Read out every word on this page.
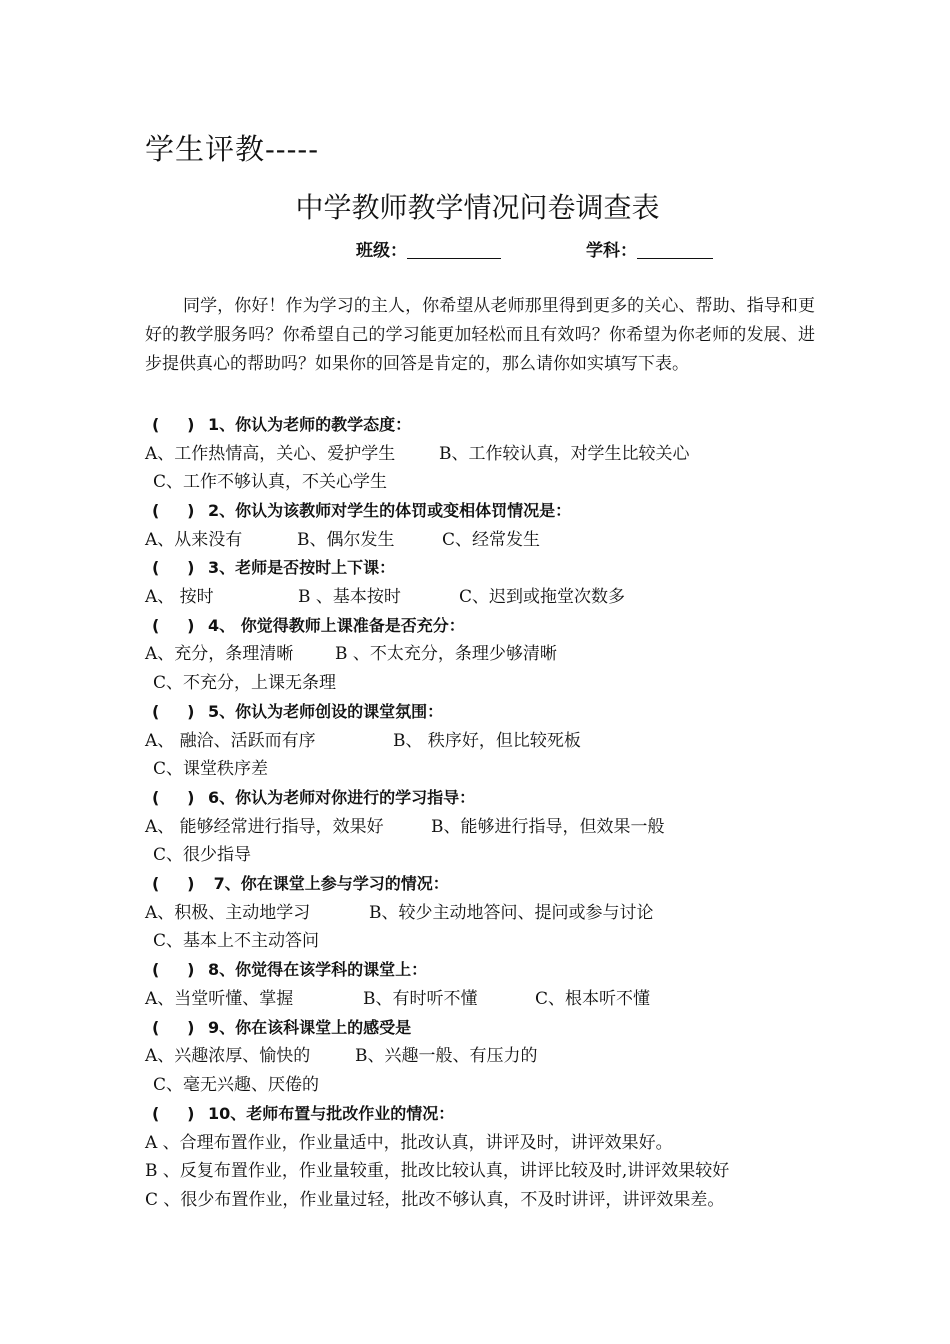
学生评教-----
中学教师教学情况问卷调查表
班级：	学科：
同学，你好！作为学习的主人，你希望从老师那里得到更多的关心、帮助、指导和更好的教学服务吗？你希望自己的学习能更加轻松而且有效吗？你希望为你老师的发展、进步提供真心的帮助吗？如果你的回答是肯定的，那么请你如实填写下表。
(     ) 1、你认为老师的教学态度：
A、工作热情高，关心、爱护学生	B、工作较认真，对学生比较关心
C、工作不够认真，不关心学生
(     ) 2、你认为该教师对学生的体罚或变相体罚情况是：
A、从来没有	B、偶尔发生	C、经常发生
(     ) 3、老师是否按时上下课：
A、 按时	B 、基本按时	C、迟到或拖堂次数多
(     ) 4、 你觉得教师上课准备是否充分：
A、充分，条理清晰 B 、不太充分，条理少够清晰
C、不充分，上课无条理
(     ) 5、你认为老师创设的课堂氛围：
A、 融洽、活跃而有序	B、 秩序好，但比较死板
C、课堂秩序差
(     ) 6、你认为老师对你进行的学习指导：
A、 能够经常进行指导，效果好	B、能够进行指导，但效果一般
C、很少指导
(     ) 7、你在课堂上参与学习的情况：
A、积极、主动地学习	B、较少主动地答问、提问或参与讨论
C、基本上不主动答问
(     ) 8、你觉得在该学科的课堂上：
A、当堂听懂、掌握	B、有时听不懂	C、根本听不懂
(     ) 9、你在该科课堂上的感受是
A、兴趣浓厚、愉快的	B、兴趣一般、有压力的
C、毫无兴趣、厌倦的
(     ) 10、老师布置与批改作业的情况：
A 、合理布置作业，作业量适中，批改认真，讲评及时，讲评效果好。
B 、反复布置作业，作业量较重，批改比较认真，讲评比较及时,讲评效果较好
C 、很少布置作业，作业量过轻，批改不够认真，不及时讲评，讲评效果差。
